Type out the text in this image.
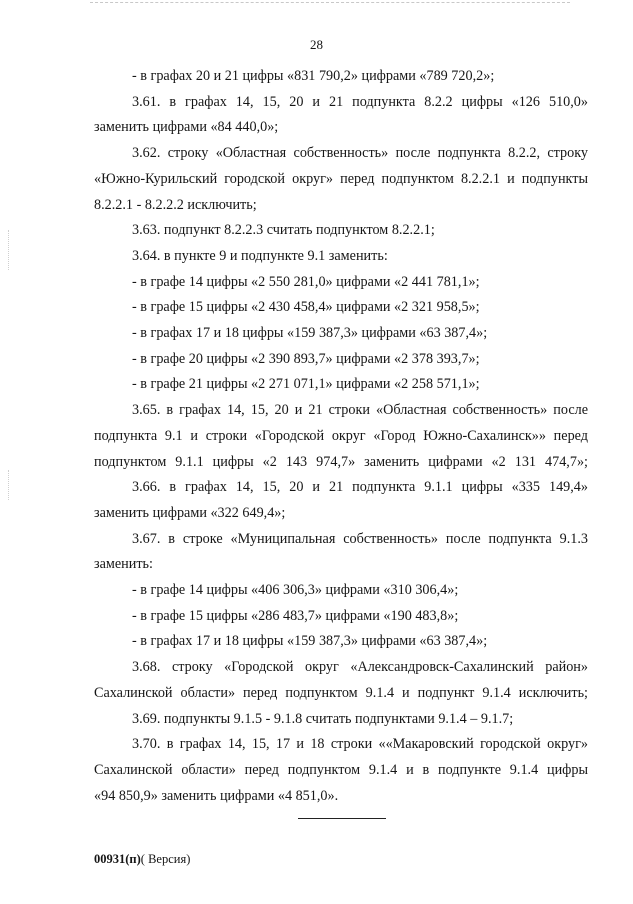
28
- в графах 20 и 21 цифры «831 790,2» цифрами «789 720,2»;
3.61. в графах 14, 15, 20 и 21 подпункта 8.2.2 цифры «126 510,0»
заменить цифрами «84 440,0»;
3.62. строку «Областная собственность» после подпункта 8.2.2, строку
«Южно-Курильский городской округ» перед подпунктом 8.2.2.1 и подпункты
8.2.2.1 - 8.2.2.2 исключить;
3.63. подпункт 8.2.2.3 считать подпунктом 8.2.2.1;
3.64. в пункте 9 и подпункте 9.1 заменить:
- в графе 14 цифры «2 550 281,0» цифрами «2 441 781,1»;
- в графе 15 цифры «2 430 458,4» цифрами «2 321 958,5»;
- в графах 17 и 18 цифры «159 387,3» цифрами «63 387,4»;
- в графе 20 цифры «2 390 893,7» цифрами «2 378 393,7»;
- в графе 21 цифры «2 271 071,1» цифрами «2 258 571,1»;
3.65. в графах 14, 15, 20 и 21 строки «Областная собственность» после
подпункта 9.1 и строки «Городской округ «Город Южно-Сахалинск»» перед
подпунктом 9.1.1 цифры «2 143 974,7» заменить цифрами «2 131 474,7»;
3.66. в графах 14, 15, 20 и 21 подпункта 9.1.1 цифры «335 149,4»
заменить цифрами «322 649,4»;
3.67. в строке «Муниципальная собственность» после подпункта 9.1.3
заменить:
- в графе 14 цифры «406 306,3» цифрами «310 306,4»;
- в графе 15 цифры «286 483,7» цифрами «190 483,8»;
- в графах 17 и 18 цифры «159 387,3» цифрами «63 387,4»;
3.68. строку «Городской округ «Александровск-Сахалинский район»
Сахалинской области» перед подпунктом 9.1.4 и подпункт 9.1.4 исключить;
3.69. подпункты 9.1.5 - 9.1.8 считать подпунктами 9.1.4 – 9.1.7;
3.70. в графах 14, 15, 17 и 18 строки ««Макаровский городской округ»
Сахалинской области» перед подпунктом 9.1.4 и в подпункте 9.1.4 цифры
«94 850,9» заменить цифрами «4 851,0».
00931(п)( Версия)
